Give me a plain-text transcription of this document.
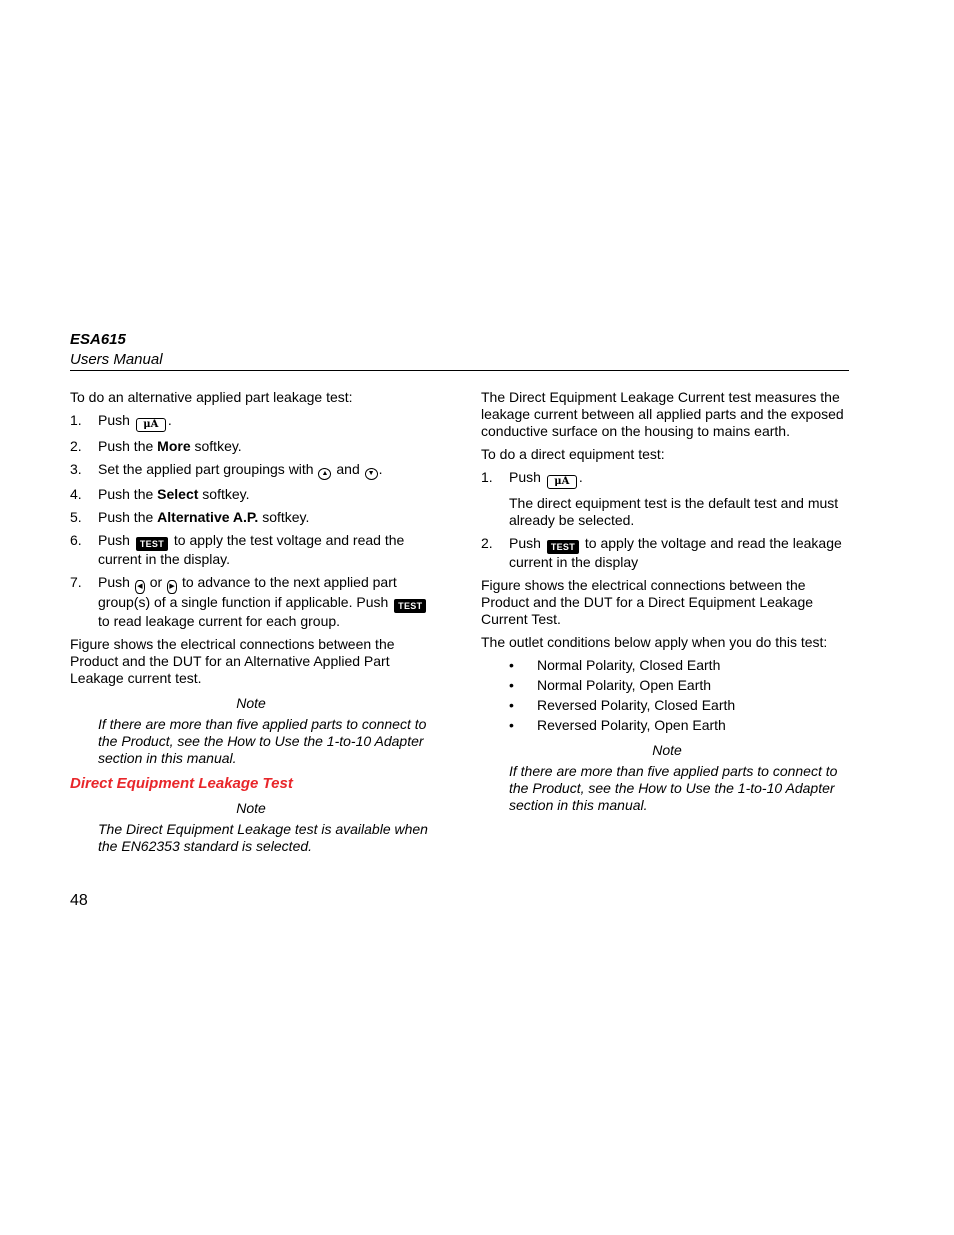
ESA615
Users Manual

To do an alternative applied part leakage test:

1. Push μA .
2. Push the More softkey.
3. Set the applied part groupings with ▲ and ▼ .
4. Push the Select softkey.
5. Push the Alternative A.P. softkey.
6. Push TEST to apply the test voltage and read the current in the display.
7. Push ◀ or ▶ to advance to the next applied part group(s) of a single function if applicable. Push TEST to read leakage current for each group.

Figure shows the electrical connections between the Product and the DUT for an Alternative Applied Part Leakage current test.

Note
If there are more than five applied parts to connect to the Product, see the How to Use the 1-to-10 Adapter section in this manual.
Direct Equipment Leakage Test
Note
The Direct Equipment Leakage test is available when the EN62353 standard is selected.

The Direct Equipment Leakage Current test measures the leakage current between all applied parts and the exposed conductive surface on the housing to mains earth.

To do a direct equipment test:

1. Push μA .

The direct equipment test is the default test and must already be selected.

2. Push TEST to apply the voltage and read the leakage current in the display

Figure shows the electrical connections between the Product and the DUT for a Direct Equipment Leakage Current Test.

The outlet conditions below apply when you do this test:

• Normal Polarity, Closed Earth
• Normal Polarity, Open Earth
• Reversed Polarity, Closed Earth
• Reversed Polarity, Open Earth
Note
If there are more than five applied parts to connect to the Product, see the How to Use the 1-to-10 Adapter section in this manual.
48
